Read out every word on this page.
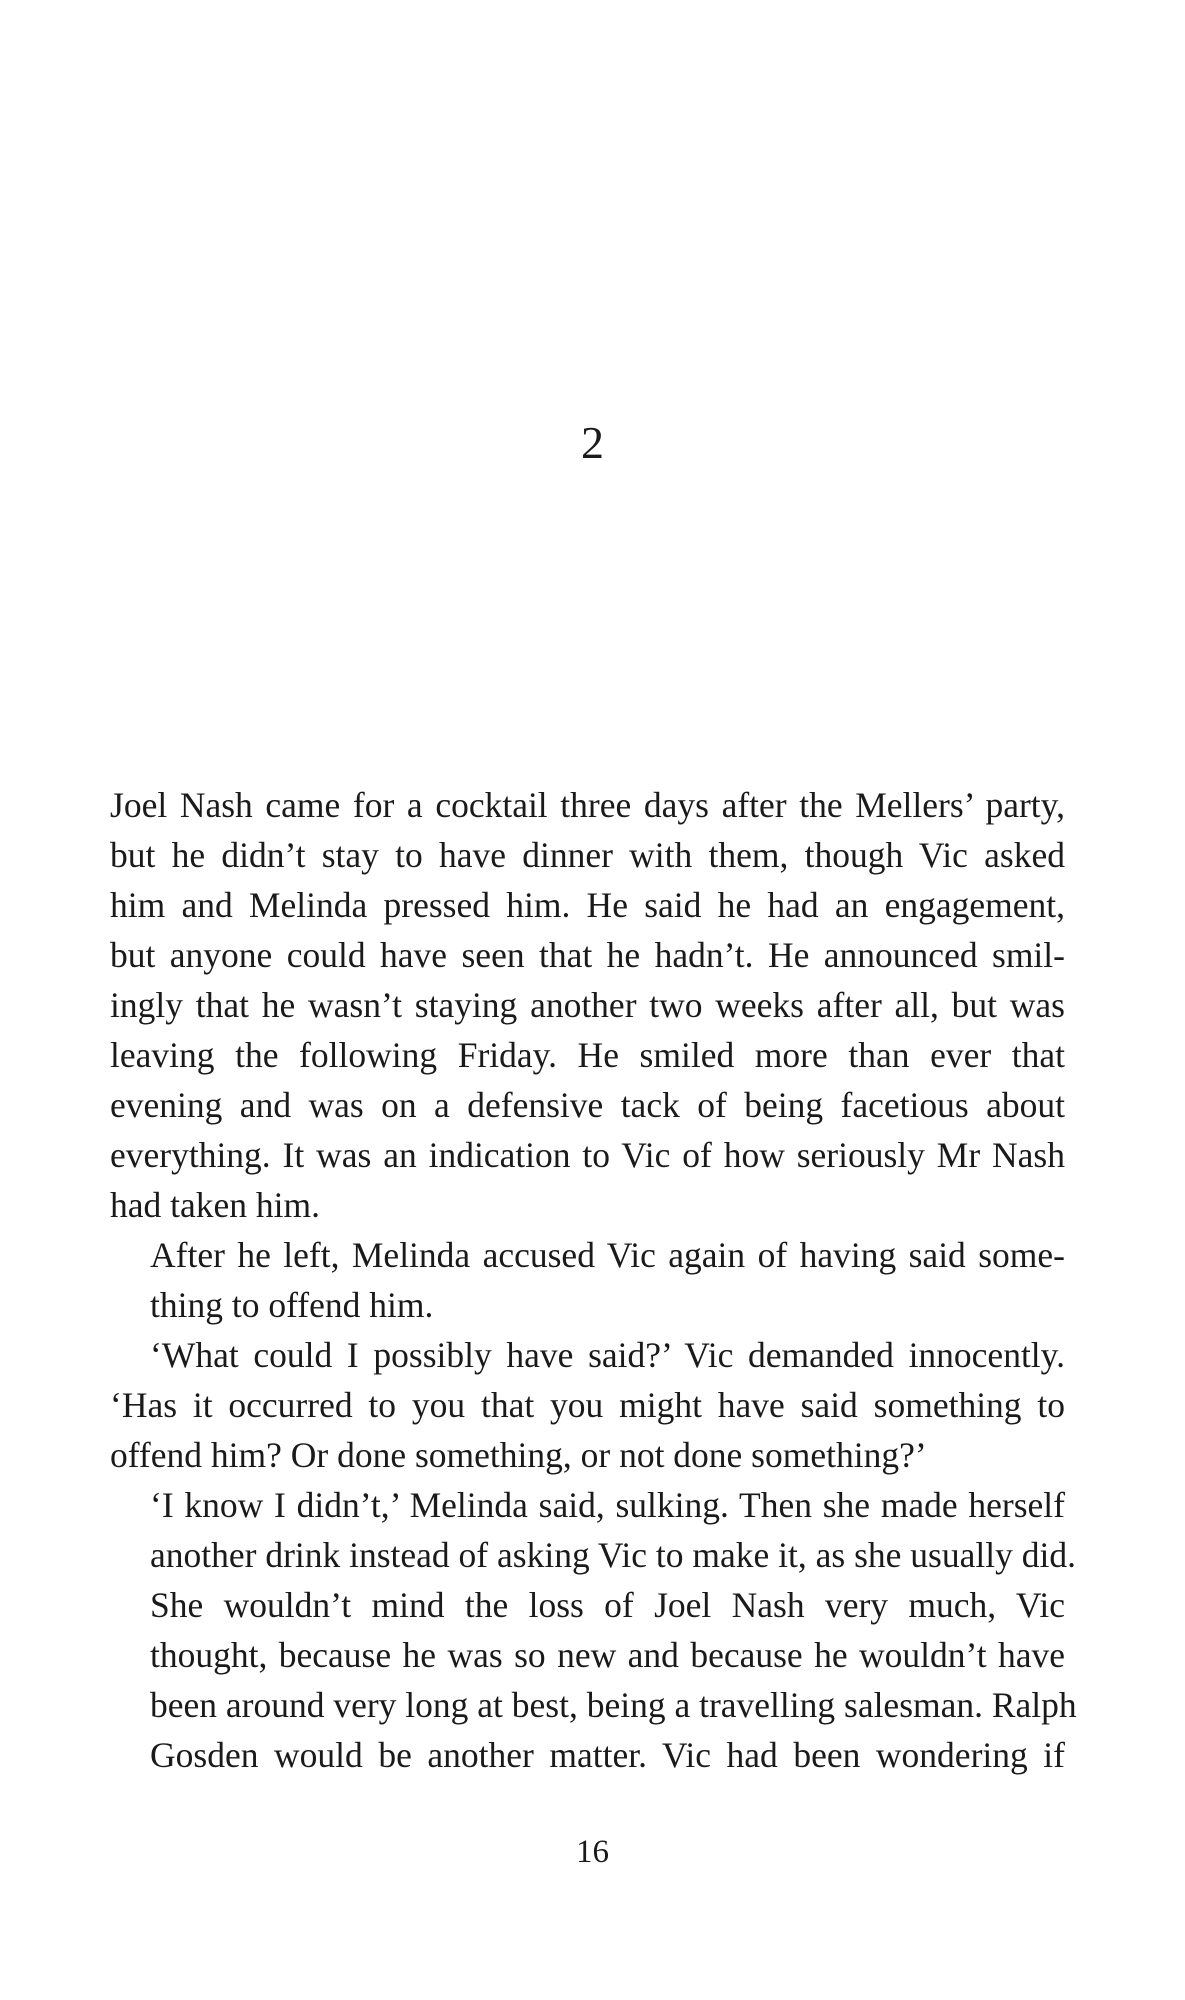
2

Joel Nash came for a cocktail three days after the Mellers’ party,
but he didn’t stay to have dinner with them, though Vic asked
him and Melinda pressed him. He said he had an engagement,
but anyone could have seen that he hadn’t. He announced smil-
ingly that he wasn’t staying another two weeks after all, but was
leaving the following Friday. He smiled more than ever that
evening and was on a defensive tack of being facetious about
everything. It was an indication to Vic of how seriously Mr Nash
had taken him.

After he left, Melinda accused Vic again of having said some-
thing to offend him.

‘What could I possibly have said?’ Vic demanded innocently.

‘Has it occurred to you that you might have said something to
offend him? Or done something, or not done something?’

‘I know I didn’t,’ Melinda said, sulking. Then she made herself
another drink instead of asking Vic to make it, as she usually did.

She wouldn’t mind the loss of Joel Nash very much, Vic
thought, because he was so new and because he wouldn’t have
been around very long at best, being a travelling salesman. Ralph
Gosden would be another matter. Vic had been wondering if

16
